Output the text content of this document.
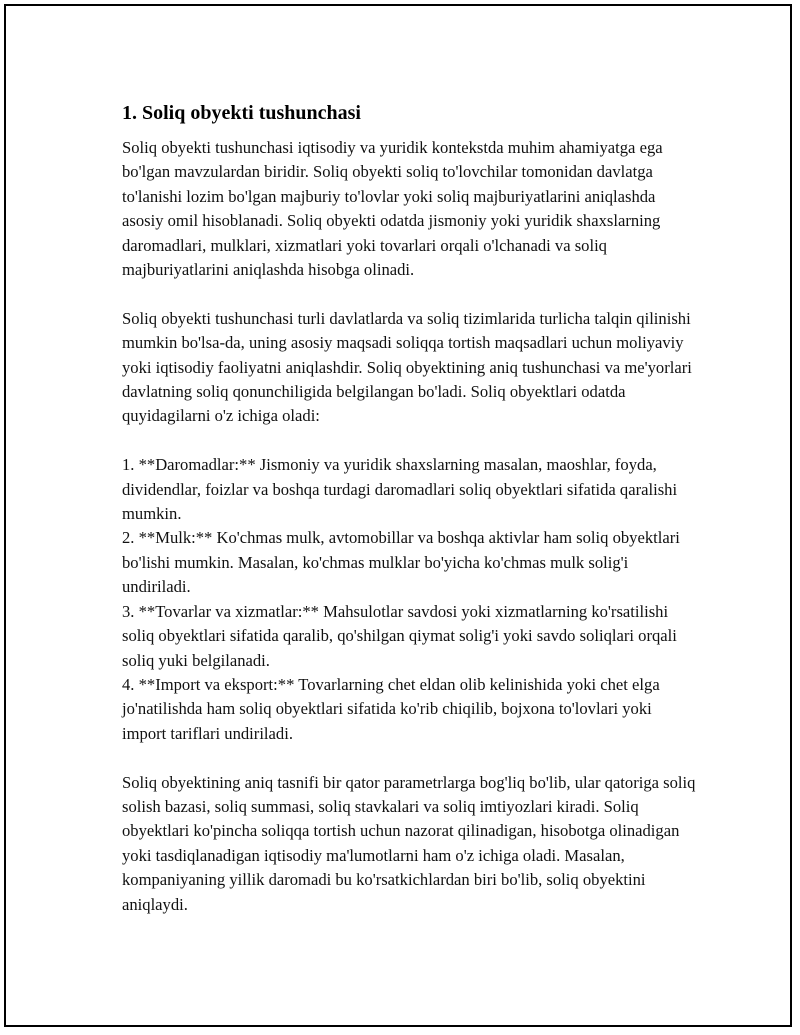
1. Soliq obyekti tushunchasi

Soliq obyekti tushunchasi iqtisodiy va yuridik kontekstda muhim ahamiyatga ega bo'lgan mavzulardan biridir. Soliq obyekti soliq to'lovchilar tomonidan davlatga to'lanishi lozim bo'lgan majburiy to'lovlar yoki soliq majburiyatlarini aniqlashda asosiy omil hisoblanadi. Soliq obyekti odatda jismoniy yoki yuridik shaxslarning daromadlari, mulklari, xizmatlari yoki tovarlari orqali o'lchanadi va soliq majburiyatlarini aniqlashda hisobga olinadi.

Soliq obyekti tushunchasi turli davlatlarda va soliq tizimlarida turlicha talqin qilinishi mumkin bo'lsa-da, uning asosiy maqsadi soliqqa tortish maqsadlari uchun moliyaviy yoki iqtisodiy faoliyatni aniqlashdir. Soliq obyektining aniq tushunchasi va me'yorlari davlatning soliq qonunchiligida belgilangan bo'ladi. Soliq obyektlari odatda quyidagilarni o'z ichiga oladi:

1. **Daromadlar:** Jismoniy va yuridik shaxslarning masalan, maoshlar, foyda, dividendlar, foizlar va boshqa turdagi daromadlari soliq obyektlari sifatida qaralishi mumkin.
2. **Mulk:** Ko'chmas mulk, avtomobillar va boshqa aktivlar ham soliq obyektlari bo'lishi mumkin. Masalan, ko'chmas mulklar bo'yicha ko'chmas mulk solig'i undiriladi.
3. **Tovarlar va xizmatlar:** Mahsulotlar savdosi yoki xizmatlarning ko'rsatilishi soliq obyektlari sifatida qaralib, qo'shilgan qiymat solig'i yoki savdo soliqlari orqali soliq yuki belgilanadi.
4. **Import va eksport:** Tovarlarning chet eldan olib kelinishida yoki chet elga jo'natilishda ham soliq obyektlari sifatida ko'rib chiqilib, bojxona to'lovlari yoki import tariflari undiriladi.

Soliq obyektining aniq tasnifi bir qator parametrlarga bog'liq bo'lib, ular qatoriga soliq solish bazasi, soliq summasi, soliq stavkalari va soliq imtiyozlari kiradi. Soliq obyektlari ko'pincha soliqqa tortish uchun nazorat qilinadigan, hisobotga olinadigan yoki tasdiqlanadigan iqtisodiy ma'lumotlarni ham o'z ichiga oladi. Masalan, kompaniyaning yillik daromadi bu ko'rsatkichlardan biri bo'lib, soliq obyektini aniqlaydi.
